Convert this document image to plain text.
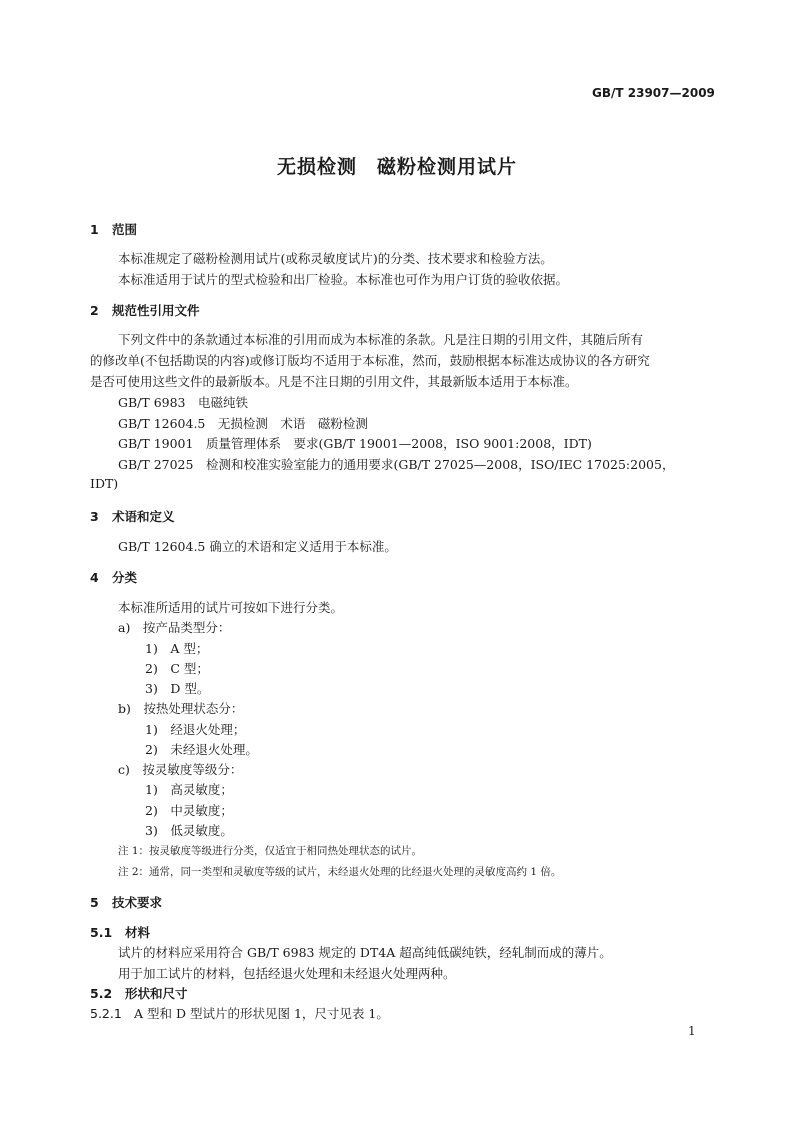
GB/T 23907—2009
无损检测　磁粉检测用试片
1 范围
本标准规定了磁粉检测用试片(或称灵敏度试片)的分类、技术要求和检验方法。
本标准适用于试片的型式检验和出厂检验。本标准也可作为用户订货的验收依据。
2 规范性引用文件
下列文件中的条款通过本标准的引用而成为本标准的条款。凡是注日期的引用文件，其随后所有
的修改单(不包括勘误的内容)或修订版均不适用于本标准，然而，鼓励根据本标准达成协议的各方研究
是否可使用这些文件的最新版本。凡是不注日期的引用文件，其最新版本适用于本标准。
GB/T 6983　电磁纯铁
GB/T 12604.5　无损检测　术语　磁粉检测
GB/T 19001　质量管理体系　要求(GB/T 19001—2008，ISO 9001:2008，IDT)
GB/T 27025　检测和校准实验室能力的通用要求(GB/T 27025—2008，ISO/IEC 17025:2005，
IDT)
3 术语和定义
GB/T 12604.5 确立的术语和定义适用于本标准。
4 分类
本标准所适用的试片可按如下进行分类。
a)　按产品类型分：
1)　A 型；
2)　C 型；
3)　D 型。
b)　按热处理状态分：
1)　经退火处理；
2)　未经退火处理。
c)　按灵敏度等级分：
1)　高灵敏度；
2)　中灵敏度；
3)　低灵敏度。
注 1：按灵敏度等级进行分类，仅适宜于相同热处理状态的试片。
注 2：通常，同一类型和灵敏度等级的试片，未经退火处理的比经退火处理的灵敏度高约 1 倍。
5 技术要求
5.1 材料
试片的材料应采用符合 GB/T 6983 规定的 DT4A 超高纯低碳纯铁，经轧制而成的薄片。
用于加工试片的材料，包括经退火处理和未经退火处理两种。
5.2 形状和尺寸
5.2.1 A 型和 D 型试片的形状见图 1，尺寸见表 1。
1
